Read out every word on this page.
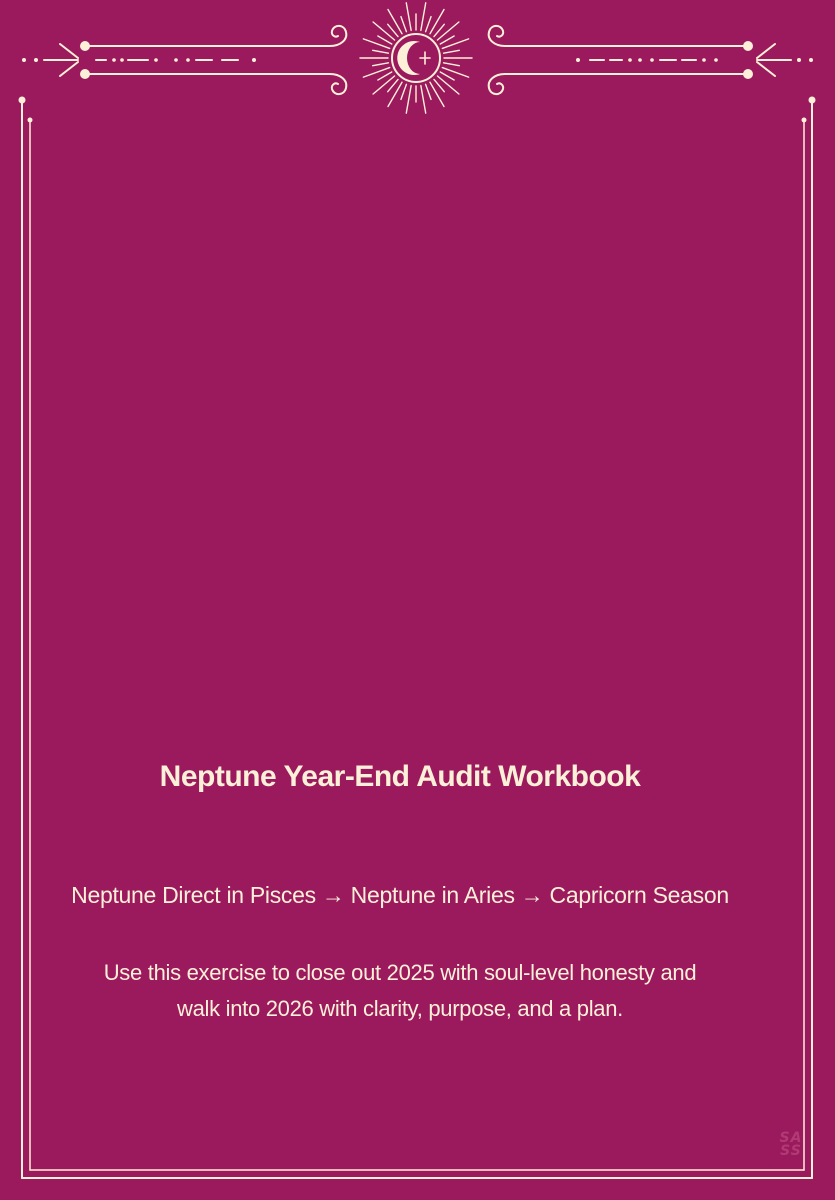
Neptune Year-End Audit Workbook
Neptune Direct in Pisces → Neptune in Aries → Capricorn Season
Use this exercise to close out 2025 with soul-level honesty and
walk into 2026 with clarity, purpose, and a plan.
SA
SS
